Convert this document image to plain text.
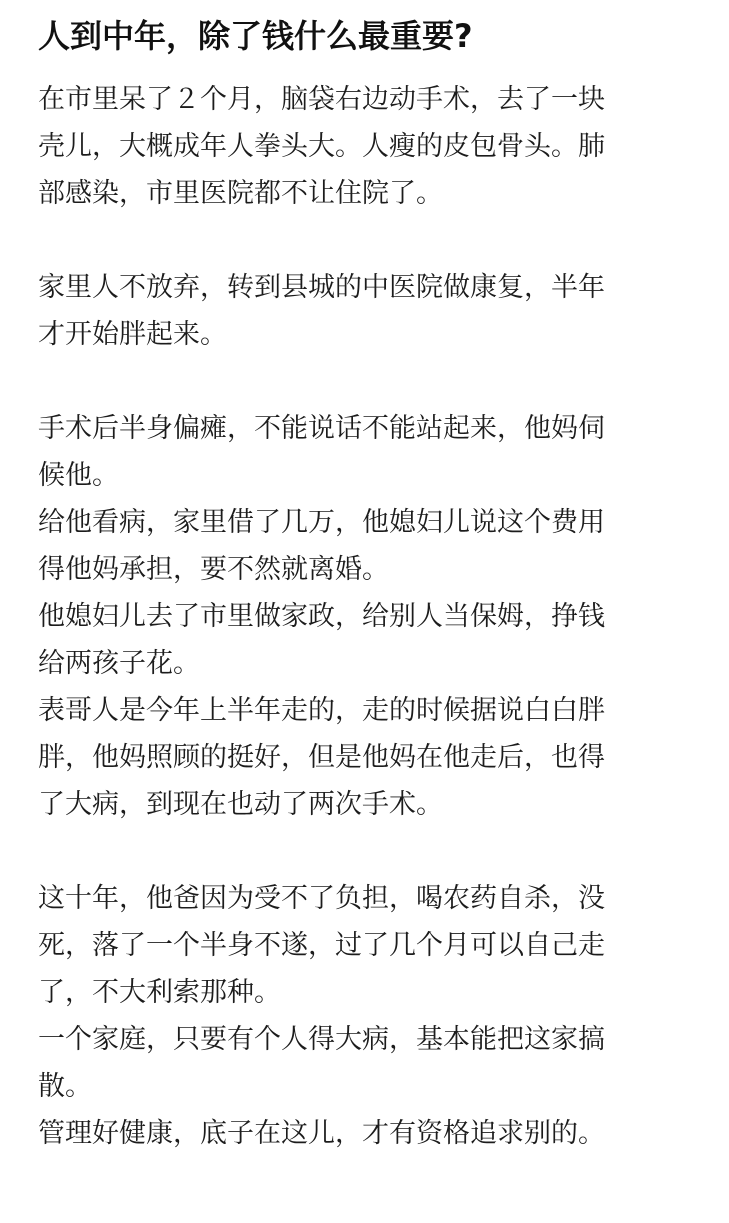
人到中年，除了钱什么最重要?
在市里呆了２个月，脑袋右边动手术，去了一块
壳儿，大概成年人拳头大。人瘦的皮包骨头。肺
部感染，市里医院都不让住院了。
家里人不放弃，转到县城的中医院做康复，半年
才开始胖起来。
手术后半身偏瘫，不能说话不能站起来，他妈伺
候他。
给他看病，家里借了几万，他媳妇儿说这个费用
得他妈承担，要不然就离婚。
他媳妇儿去了市里做家政，给别人当保姆，挣钱
给两孩子花。
表哥人是今年上半年走的，走的时候据说白白胖
胖，他妈照顾的挺好，但是他妈在他走后，也得
了大病，到现在也动了两次手术。
这十年，他爸因为受不了负担，喝农药自杀，没
死，落了一个半身不遂，过了几个月可以自己走
了，不大利索那种。
一个家庭，只要有个人得大病，基本能把这家搞
散。
管理好健康，底子在这儿，才有资格追求别的。
